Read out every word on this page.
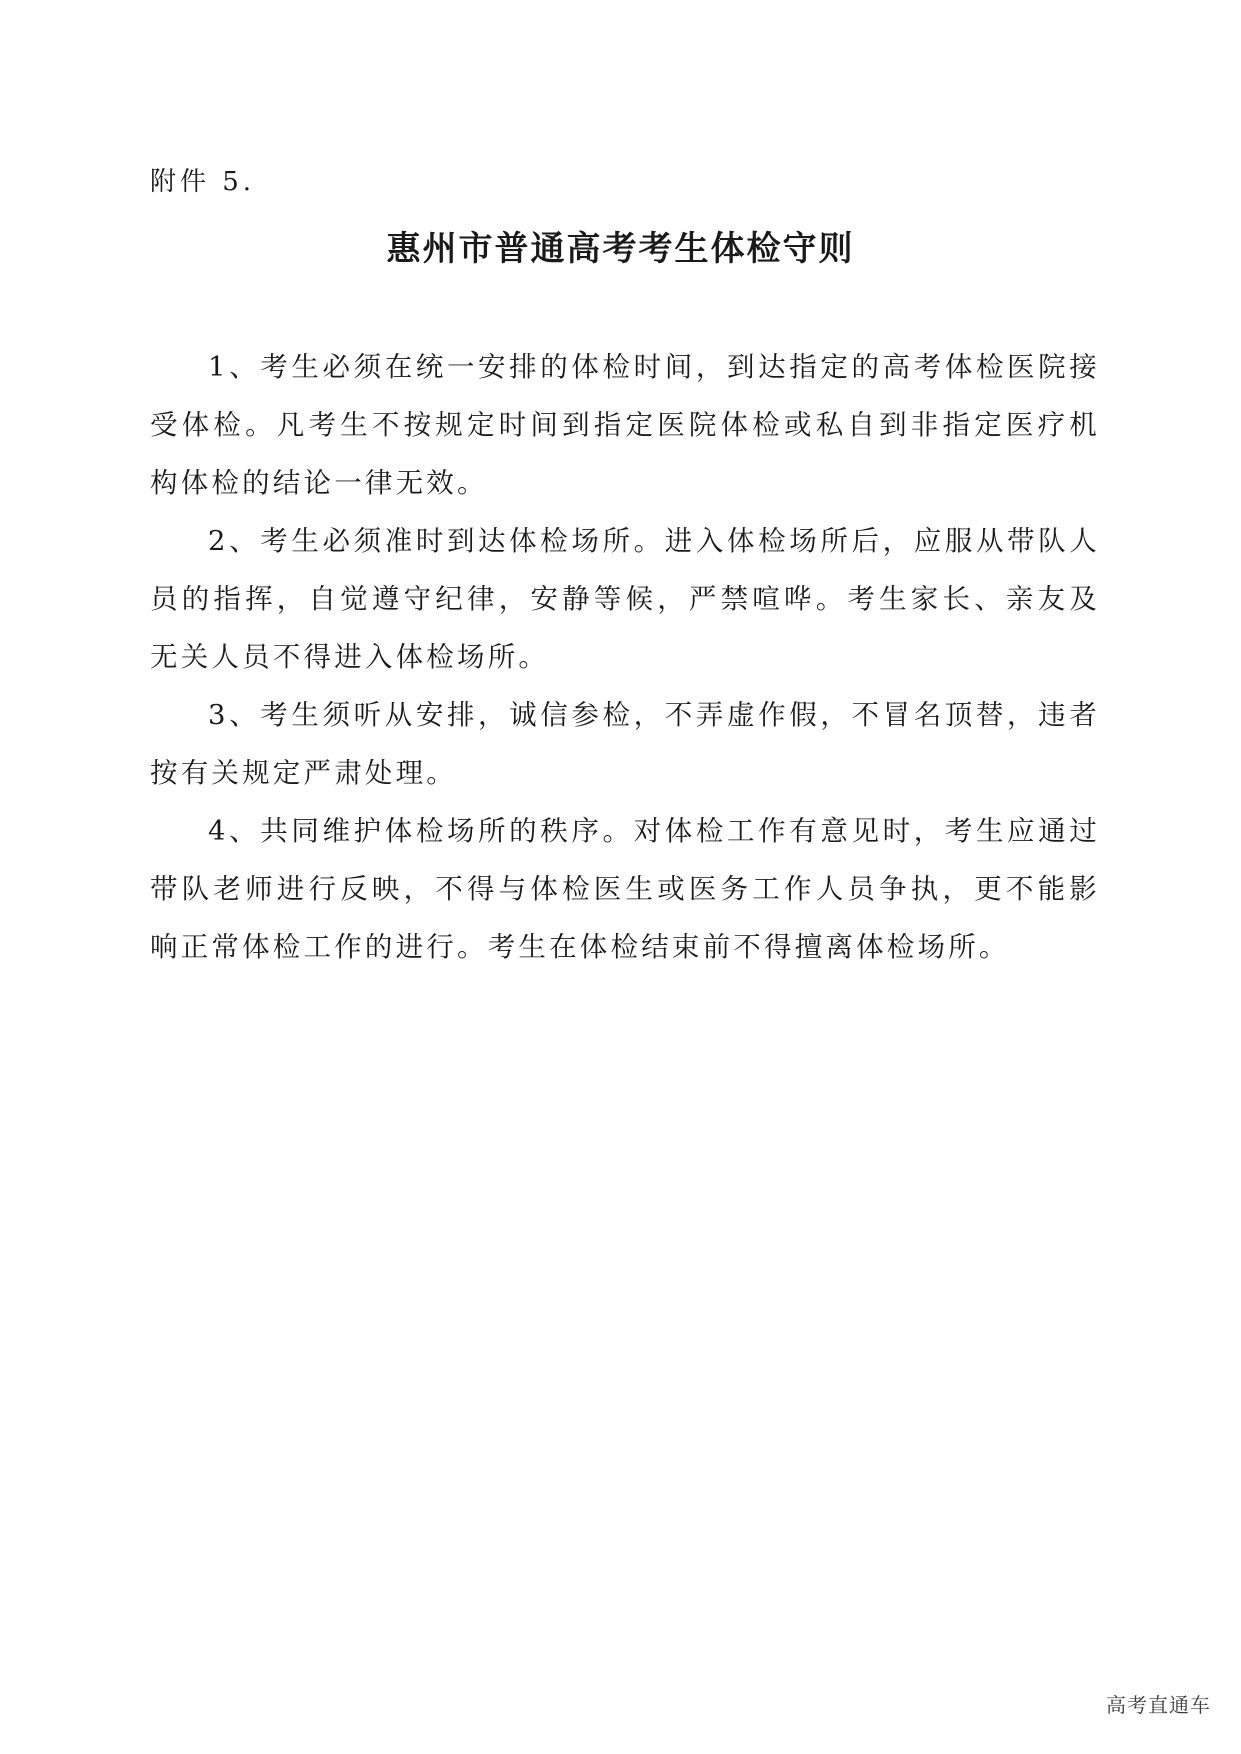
附件 5.
惠州市普通高考考生体检守则

1、考生必须在统一安排的体检时间，到达指定的高考体检医院接受体检。凡考生不按规定时间到指定医院体检或私自到非指定医疗机构体检的结论一律无效。

2、考生必须准时到达体检场所。进入体检场所后，应服从带队人员的指挥，自觉遵守纪律，安静等候，严禁喧哗。考生家长、亲友及无关人员不得进入体检场所。

3、考生须听从安排，诚信参检，不弄虚作假，不冒名顶替，违者按有关规定严肃处理。

4、共同维护体检场所的秩序。对体检工作有意见时，考生应通过带队老师进行反映，不得与体检医生或医务工作人员争执，更不能影响正常体检工作的进行。考生在体检结束前不得擅离体检场所。

高考直通车
